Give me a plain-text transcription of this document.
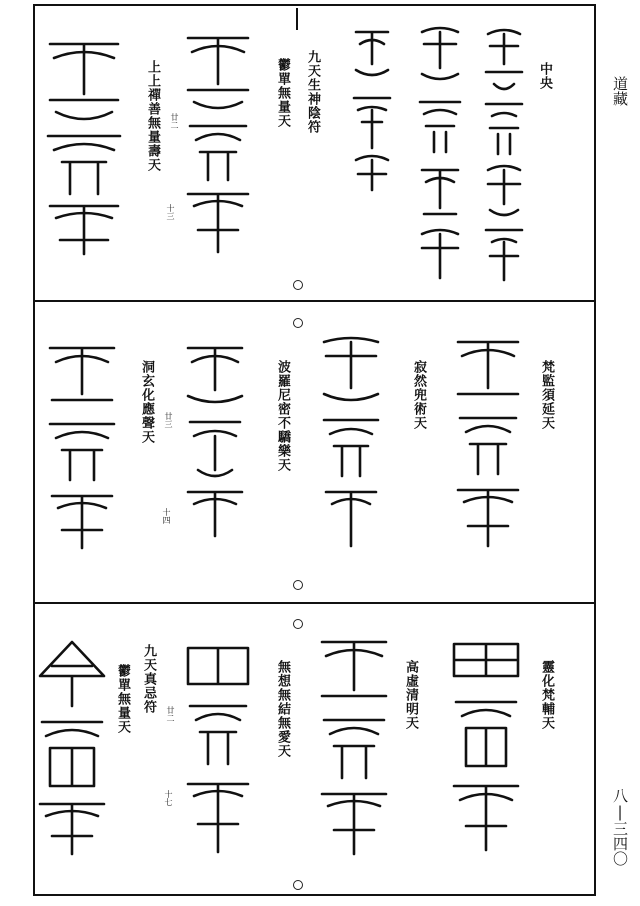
道藏
八|三四〇
中央
九天生神陰符
鬱單無量天
上上禪善無量壽天 廿二
十三
梵監須延天
寂然兜術天
波羅尼密不驕樂天
洞玄化應聲天 廿三
十四
靈化梵輔天
高虛清明天
無想無結無愛天
九天真忌符
鬱單無量天	廿二
十七
